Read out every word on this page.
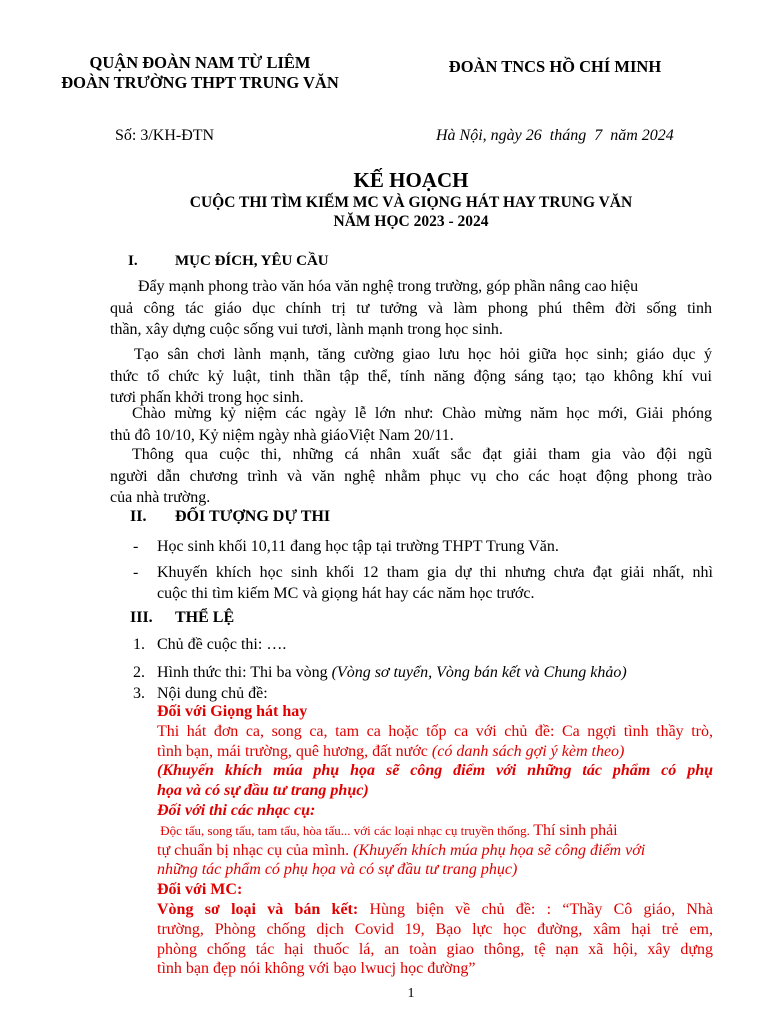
QUẬN ĐOÀN NAM TỪ LIÊM
ĐOÀN TRƯỜNG THPT TRUNG VĂN
ĐOÀN TNCS HỒ CHÍ MINH
Số: 3/KH-ĐTN	Hà Nội, ngày 26  tháng  7  năm 2024
KẾ HOẠCH
CUỘC THI TÌM KIẾM MC VÀ GIỌNG HÁT HAY TRUNG VĂN
NĂM HỌC 2023 - 2024
I. MỤC ĐÍCH, YÊU CẦU
Đẩy mạnh phong trào văn hóa văn nghệ trong trường, góp phần nâng cao hiệu
quả công tác giáo dục chính trị tư tưởng và làm phong phú thêm đời sống tinh
thần, xây dựng cuộc sống vui tươi, lành mạnh trong học sinh.
Tạo sân chơi lành mạnh, tăng cường giao lưu học hỏi giữa học sinh; giáo dục ý
thức tổ chức kỷ luật, tinh thần tập thể, tính năng động sáng tạo; tạo không khí vui
tươi phấn khởi trong học sinh.
Chào mừng kỷ niệm các ngày lễ lớn như: Chào mừng năm học mới, Giải phóng
thủ đô 10/10, Kỷ niệm ngày nhà giáoViệt Nam 20/11.
Thông qua cuộc thi, những cá nhân xuất sắc đạt giải tham gia vào đội ngũ
người dẫn chương trình và văn nghệ nhằm phục vụ cho các hoạt động phong trào
của nhà trường.
II. ĐỐI TƯỢNG DỰ THI
- Học sinh khối 10,11 đang học tập tại trường THPT Trung Văn.
- Khuyến khích học sinh khối 12 tham gia dự thi nhưng chưa đạt giải nhất, nhì
cuộc thi tìm kiếm MC và giọng hát hay các năm học trước.
III. THỂ LỆ
1. Chủ đề cuộc thi: ….
2. Hình thức thi: Thi ba vòng (Vòng sơ tuyển, Vòng bán kết và Chung khảo)
3. Nội dung chủ đề:
Đối với Giọng hát hay
Thi hát đơn ca, song ca, tam ca hoặc tốp ca với chủ đề: Ca ngợi tình thầy trò,
tình bạn, mái trường, quê hương, đất nước (có danh sách gợi ý kèm theo)
(Khuyến khích múa phụ họa sẽ công điểm với những tác phẩm có phụ
họa và có sự đầu tư trang phục)
Đối với thi các nhạc cụ:
Độc tấu, song tấu, tam tấu, hòa tấu... với các loại nhạc cụ truyền thống. Thí sinh phải
tự chuẩn bị nhạc cụ của mình. (Khuyến khích múa phụ họa sẽ công điểm với
những tác phẩm có phụ họa và có sự đầu tư trang phục)
Đối với MC:
Vòng sơ loại và bán kết: Hùng biện về chủ đề: : “Thầy Cô giáo, Nhà
trường, Phòng chống dịch Covid 19, Bạo lực học đường, xâm hại trẻ em,
phòng chống tác hại thuốc lá, an toàn giao thông, tệ nạn xã hội, xây dựng
tình bạn đẹp nói không với bạo lwucj học đường”
1
